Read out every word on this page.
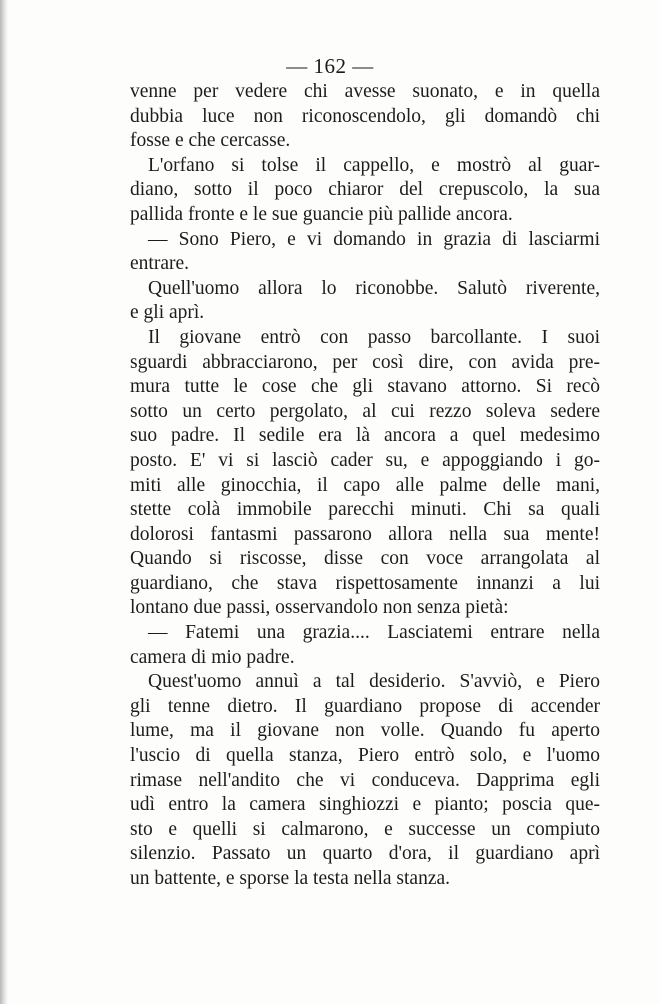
— 162 —
venne per vedere chi avesse suonato, e in quella
dubbia luce non riconoscendolo, gli domandò chi
fosse e che cercasse.
L'orfano si tolse il cappello, e mostrò al guar-
diano, sotto il poco chiaror del crepuscolo, la sua
pallida fronte e le sue guancie più pallide ancora.
— Sono Piero, e vi domando in grazia di lasciarmi
entrare.
Quell'uomo allora lo riconobbe. Salutò riverente,
e gli aprì.
Il giovane entrò con passo barcollante. I suoi
sguardi abbracciarono, per così dire, con avida pre-
mura tutte le cose che gli stavano attorno. Si recò
sotto un certo pergolato, al cui rezzo soleva sedere
suo padre. Il sedile era là ancora a quel medesimo
posto. E' vi si lasciò cader su, e appoggiando i go-
miti alle ginocchia, il capo alle palme delle mani,
stette colà immobile parecchi minuti. Chi sa quali
dolorosi fantasmi passarono allora nella sua mente!
Quando si riscosse, disse con voce arrangolata al
guardiano, che stava rispettosamente innanzi a lui
lontano due passi, osservandolo non senza pietà:
— Fatemi una grazia.... Lasciatemi entrare nella
camera di mio padre.
Quest'uomo annuì a tal desiderio. S'avviò, e Piero
gli tenne dietro. Il guardiano propose di accender
lume, ma il giovane non volle. Quando fu aperto
l'uscio di quella stanza, Piero entrò solo, e l'uomo
rimase nell'andito che vi conduceva. Dapprima egli
udì entro la camera singhiozzi e pianto; poscia que-
sto e quelli si calmarono, e successe un compiuto
silenzio. Passato un quarto d'ora, il guardiano aprì
un battente, e sporse la testa nella stanza.
